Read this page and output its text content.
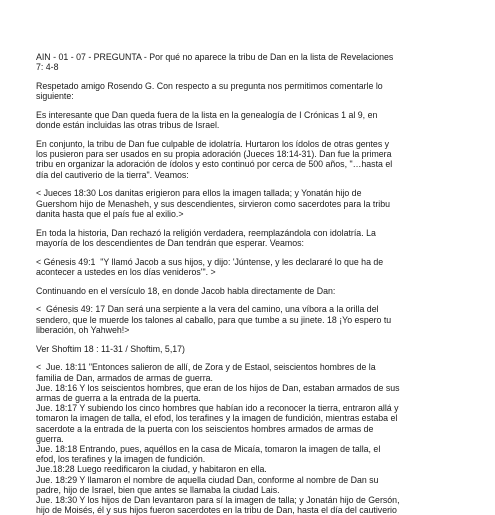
AIN - 01 - 07 - PREGUNTA - Por qué no aparece la tribu de Dan en la lista de Revelaciones
7: 4-8
Respetado amigo Rosendo G. Con respecto a su pregunta nos permitimos comentarle lo
siguiente:
Es interesante que Dan queda fuera de la lista en la genealogía de I Crónicas 1 al 9, en
donde están incluidas las otras tribus de Israel.
En conjunto, la tribu de Dan fue culpable de idolatría. Hurtaron los ídolos de otras gentes y
los pusieron para ser usados en su propia adoración (Jueces 18:14-31). Dan fue la primera
tribu en organizar la adoración de ídolos y esto continuó por cerca de 500 años, "…hasta el
día del cautiverio de la tierra". Veamos:
< Jueces 18:30 Los danitas erigieron para ellos la imagen tallada; y Yonatán hijo de
Guershom hijo de Menasheh, y sus descendientes, sirvieron como sacerdotes para la tribu
danita hasta que el país fue al exilio.>
En toda la historia, Dan rechazó la religión verdadera, reemplazándola con idolatría. La
mayoría de los descendientes de Dan tendrán que esperar. Veamos:
< Génesis 49:1  "Y llamó Jacob a sus hijos, y dijo: 'Júntense, y les declararé lo que ha de
acontecer a ustedes en los días venideros'". >
Continuando en el versículo 18, en donde Jacob habla directamente de Dan:
<  Génesis 49: 17 Dan será una serpiente a la vera del camino, una víbora a la orilla del
sendero, que le muerde los talones al caballo, para que tumbe a su jinete. 18 ¡Yo espero tu
liberación, oh Yahweh!>
Ver Shoftim 18 : 11-31 / Shoftim, 5,17)
<  Jue. 18:11 "Entonces salieron de allí, de Zora y de Estaol, seiscientos hombres de la
familia de Dan, armados de armas de guerra.
Jue. 18:16 Y los seiscientos hombres, que eran de los hijos de Dan, estaban armados de sus
armas de guerra a la entrada de la puerta.
Jue. 18:17 Y subiendo los cinco hombres que habían ido a reconocer la tierra, entraron allá y
tomaron la imagen de talla, el efod, los terafines y la imagen de fundición, mientras estaba el
sacerdote a la entrada de la puerta con los seiscientos hombres armados de armas de
guerra.
Jue. 18:18 Entrando, pues, aquéllos en la casa de Micaía, tomaron la imagen de talla, el
efod, los terafines y la imagen de fundición.
Jue.18:28 Luego reedificaron la ciudad, y habitaron en ella.
Jue. 18:29 Y llamaron el nombre de aquella ciudad Dan, conforme al nombre de Dan su
padre, hijo de Israel, bien que antes se llamaba la ciudad Lais.
Jue. 18:30 Y los hijos de Dan levantaron para sí la imagen de talla; y Jonatán hijo de Gersón,
hijo de Moisés, él y sus hijos fueron sacerdotes en la tribu de Dan, hasta el día del cautiverio
